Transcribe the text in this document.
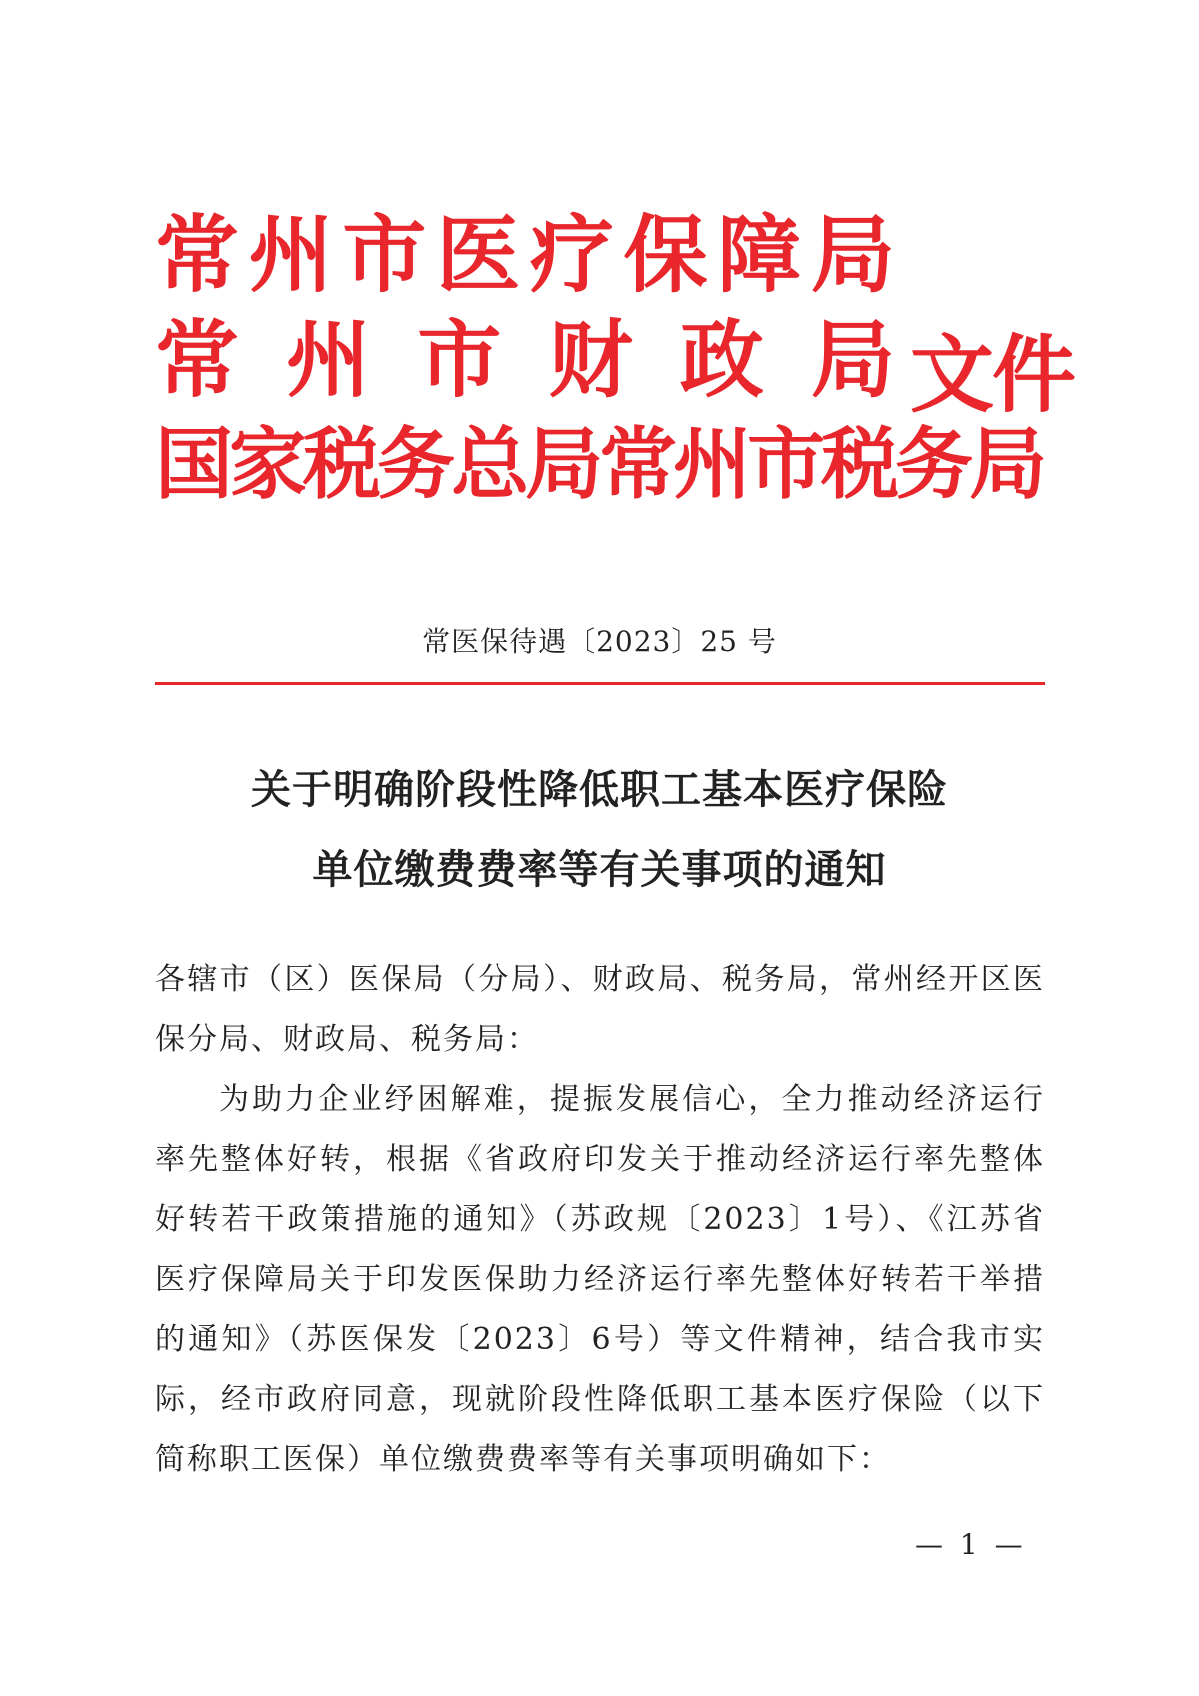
常 州 市 医 疗 保 障 局
常 州 市 财 政 局
国 家 税 务 总 局 常 州 市 税 务 局
文件
常医保待遇〔2023〕25 号
关于明确阶段性降低职工基本医疗保险
单位缴费费率等有关事项的通知

各辖市（区）医保局（分局）、财政局、税务局，常州经开区医保分局、财政局、税务局：

为助力企业纾困解难，提振发展信心，全力推动经济运行率先整体好转，根据《省政府印发关于推动经济运行率先整体好转若干政策措施的通知》（苏政规〔2023〕1号）、《江苏省医疗保障局关于印发医保助力经济运行率先整体好转若干举措的通知》（苏医保发〔2023〕6号）等文件精神，结合我市实际，经市政府同意，现就阶段性降低职工基本医疗保险（以下简称职工医保）单位缴费费率等有关事项明确如下：

— 1 —
